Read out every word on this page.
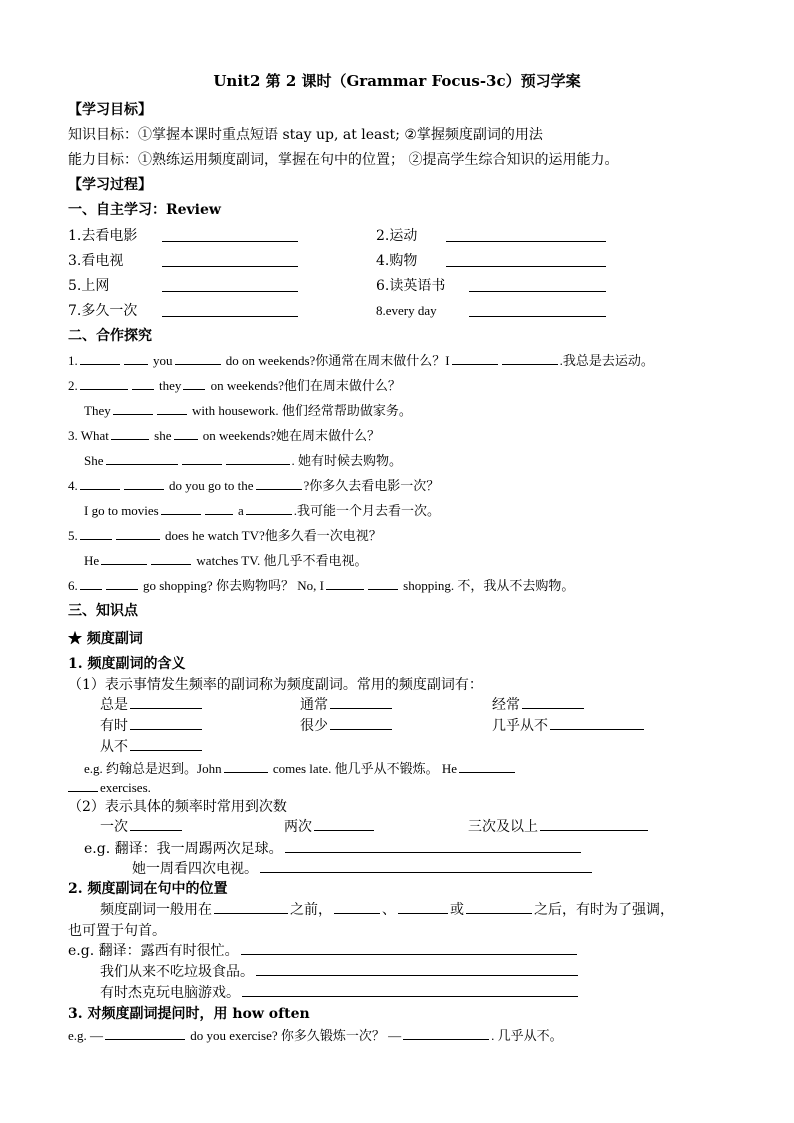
Unit2 第 2 课时（Grammar Focus-3c）预习学案
【学习目标】
知识目标：①掌握本课时重点短语 stay up, at least; ②掌握频度副词的用法
能力目标：①熟练运用频度副词，掌握在句中的位置； ②提高学生综合知识的运用能力。
【学习过程】
一、自主学习：Review
1.去看电影	2.运动
3.看电视	4.购物
5.上网	6.读英语书
7.多久一次	8.every day
二、合作探究
1.	you	do on weekends?你通常在周末做什么？I	.我总是去运动。
2.	they on weekends?他们在周末做什么？
They	with housework. 他们经常帮助做家务。
3. What	she on weekends?她在周末做什么？
She	. 她有时候去购物。
4.	do you go to the	?你多久去看电影一次？
I go to movies	a	.我可能一个月去看一次。
5.	does he watch TV?他多久看一次电视？
He	watches TV. 他几乎不看电视。
6.	go shopping? 你去购物吗？ No, I	shopping. 不，我从不去购物。
三、知识点
★ 频度副词
1. 频度副词的含义
（1）表示事情发生频率的副词称为频度副词。常用的频度副词有：
总是	通常	经常
有时	很少	几乎从不
从不
e.g. 约翰总是迟到。John	comes late. 他几乎从不锻炼。 He
exercises.
（2）表示具体的频率时常用到次数
一次	两次	三次及以上
e.g. 翻译：我一周踢两次足球。
她一周看四次电视。
2. 频度副词在句中的位置
频度副词一般用在	之前，	、	或	之后，有时为了强调，
也可置于句首。
e.g. 翻译：露西有时很忙。
我们从来不吃垃圾食品。
有时杰克玩电脑游戏。
3. 对频度副词提问时，用 how often
e.g. —	do you exercise? 你多久锻炼一次？ —	. 几乎从不。
